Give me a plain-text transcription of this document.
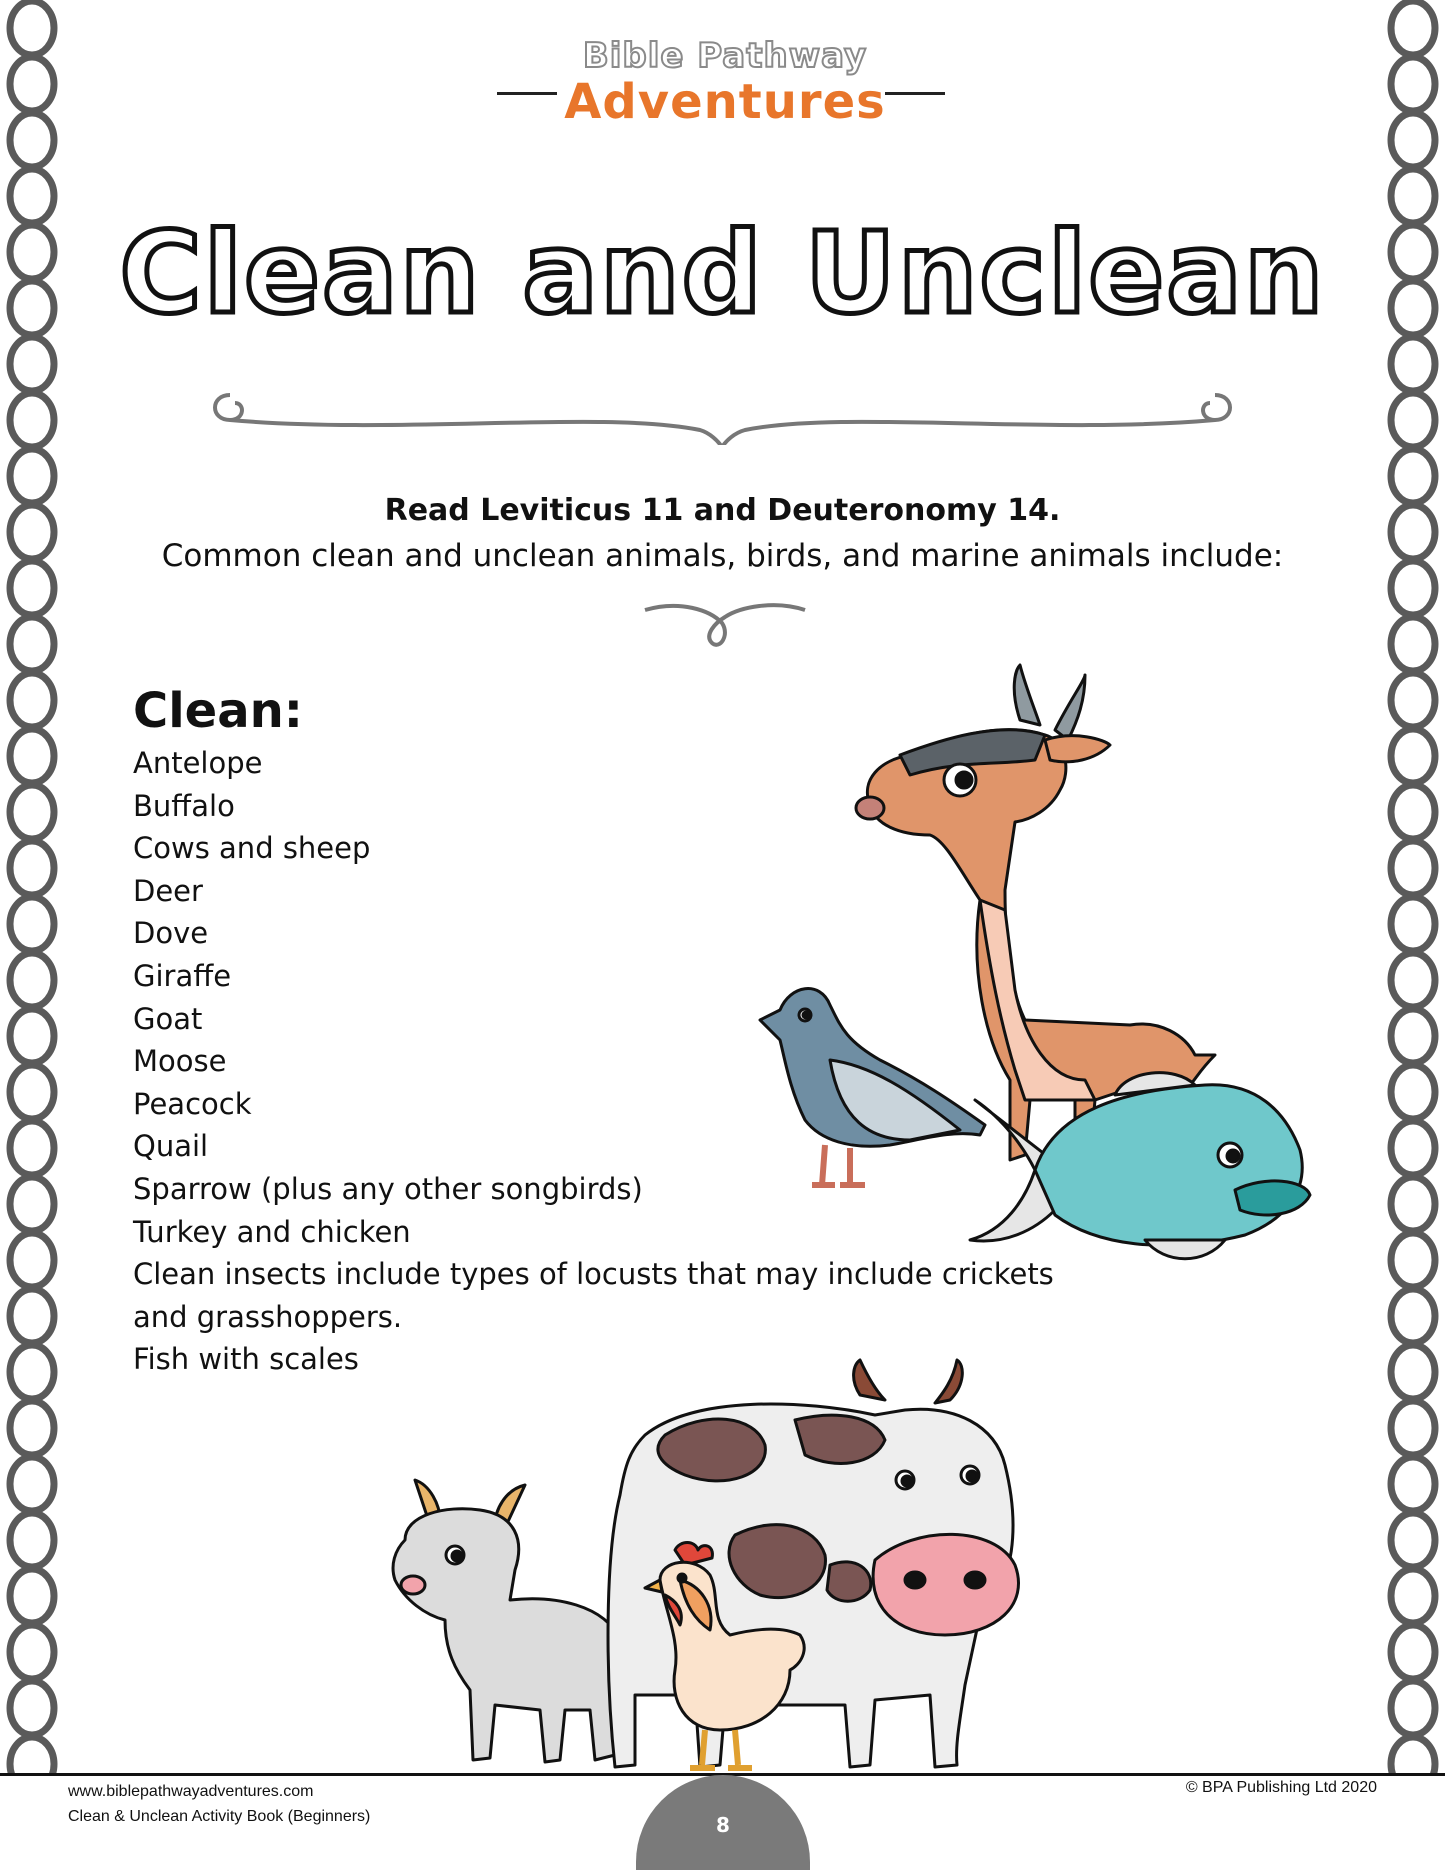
Bible Pathway
Adventures
Clean and Unclean
Read Leviticus 11 and Deuteronomy 14.
Common clean and unclean animals, birds, and marine animals include:
Clean:
Antelope
Buffalo
Cows and sheep
Deer
Dove
Giraffe
Goat
Moose
Peacock
Quail
Sparrow (plus any other songbirds)
Turkey and chicken
Clean insects include types of locusts that may include crickets
and grasshoppers.
Fish with scales
www.biblepathwayadventures.com
Clean & Unclean Activity Book (Beginners)
© BPA Publishing Ltd 2020
8
